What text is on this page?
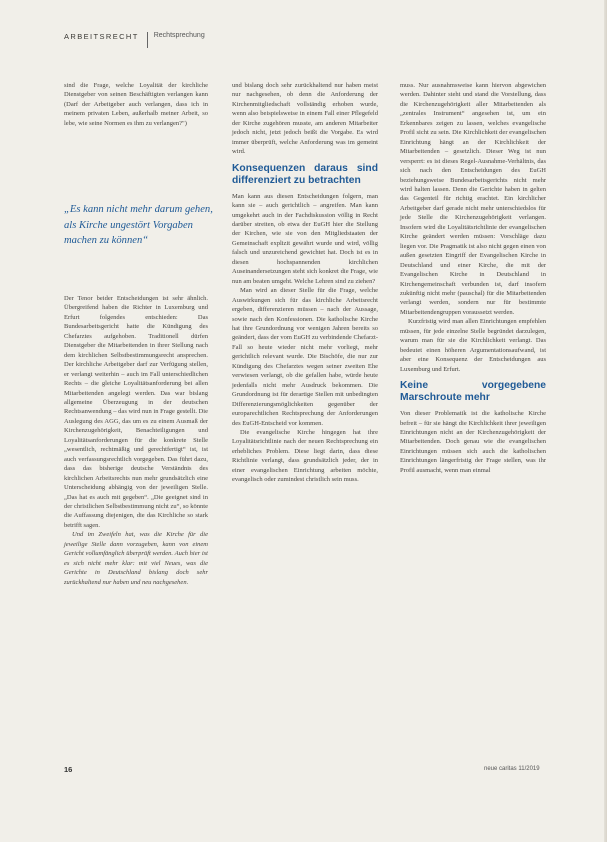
ARBEITSRECHT Rechtsprechung

sind die Frage, welche Loyalität der kirchliche Dienstgeber von seinen Beschäftigten verlangen kann (Darf der Arbeitgeber auch verlangen, dass ich in meinem privaten Leben, außerhalb meiner Arbeit, so lebe, wie seine Normen es ihm zu verlangen?")

„Es kann nicht mehr darum gehen, als Kirche ungestört Vorgaben machen zu können“

Der Tenor beider Entscheidungen ist sehr ähnlich. Übergreifend haben die Richter in Luxemburg und Erfurt folgendes entschieden: Das Bundesarbeitsgericht hatte die Kündigung des Chefarztes aufgehoben. Traditionell dürfen Dienstgeber die Mitarbeitenden in ihrer Stellung nach dem kirchlichen Selbstbestimmungsrecht ansprechen. Der kirchliche Arbeitgeber darf zur Verfügung stellen, er verlangt weiterhin – auch im Fall unterschiedlichen Rechts – die gleiche Loyalitätsanforderung bei allen Mitarbeitenden angelegt werden. Das war bislang allgemeine Überzeugung in der deutschen Rechtsanwendung – das wird nun in Frage gestellt. Die Auslegung des AGG, das um es zu einem Ausmaß der Kirchenzugehörigkeit, Benachteiligungen und Loyalitätsanforderungen für die konkrete Stelle „wesentlich, rechtmäßig und gerechtfertigt“ ist, ist auch verfassungsrechtlich vorgegeben. Das führt dazu, dass das bisherige deutsche Verständnis des kirchlichen Arbeitsrechts nun mehr grundsätzlich eine Unterscheidung abhängig von der jeweiligen Stelle. „Das hat es auch mit gegeben“. „Die geeignet sind in der christlichen Selbstbestimmung nicht zu“, so könnte die Auffassung diejenigen, die das Kirchliche so stark betrifft sagen.

Und im Zweifeln hat, was die Kirche für die jeweilige Stelle dann vorzugeben, kann von einem Gericht vollumfänglich überprüft werden. Auch hier ist es sich nicht mehr klar: mit viel Neues, was die Gerichte in Deutschland bislang doch sehr zurückhaltend nur haben und neu nachgesehen.

und bislang doch sehr zurückhaltend nur haben meist nur nachgesehen, ob denn die Anforderung der Kirchenmitgliedschaft vollständig erhoben wurde, wenn also beispielsweise in einem Fall einer Pflegefeld der Kirche zugehören musste, am anderen Mitarbeiter jedoch nicht, jetzt jedoch beißt die Vorgabe. Es wird immer überprüft, welche Anforderung was im gemeint wird.

Konsequenzen daraus sind differenziert zu betrachten

Man kann aus diesen Entscheidungen folgern, man kann sie – auch gerichtlich – angreifen. Man kann umgekehrt auch in der Fachdiskussion völlig in Recht darüber streiten, ob etwa der EuGH hier die Stellung der Kirchen, wie sie von den Mitgliedstaaten der Gemeinschaft explizit gewährt wurde und wird, völlig falsch und unzureichend gewichtet hat. Doch ist es in diesen hochspannenden kirchlichen Auseinandersetzungen steht sich konkret die Frage, wie nun am beaten umgeht. Welche Lehren sind zu ziehen?

Man wird an dieser Stelle für die Frage, welche Auswirkungen sich für das kirchliche Arbeitsrecht ergeben, differenzieren müssen – nach der Aussage, sowie nach den Konfessionen. Die katholische Kirche hat ihre Grundordnung vor wenigen Jahren bereits so geändert, dass der vom EuGH zu verbindende Chefarzt-Fall so heute wieder nicht mehr vorliegt, mehr gerichtlich relevant wurde. Die Bischöfe, die nur zur Kündigung des Chefarztes wegen seiner zweiten Ehe verwiesen verlangt, ob die gefallen habe, würde heute jedenfalls nicht mehr Ausdruck bekommen. Die Grundordnung ist für derartige Stellen mit unbedingten Differenzierungsmöglichkeiten gegenüber der europarechtlichen Rechtsprechung der Anforderungen des EuGH-Entscheid vor kommen.

Die evangelische Kirche hingegen hat ihre Loyalitätsrichtlinie nach der neuen Rechtsprechung ein erhebliches Problem. Diese liegt darin, dass diese Richtlinie verlangt, dass grundsätzlich jeder, der in einer evangelischen Einrichtung arbeiten möchte, evangelisch oder zumindest christlich sein muss.

muss. Nur ausnahmsweise kann hiervon abgewichen werden. Dahinter steht und stand die Vorstellung, dass die Kirchenzugehörigkeit aller Mitarbeitenden als „zentrales Instrument“ angesehen ist, um ein Erkennbares zeigen zu lassen, welches evangelische Profil sicht zu sein. Die Kirchlichkeit der evangelischen Einrichtung hängt an der Kirchlichkeit der Mitarbeitenden – gesetzlich. Dieser Weg ist nun versperrt: es ist dieses Regel-Ausnahme-Verhältnis, das sich nach den Entscheidungen des EuGH beziehungsweise Bundesarbeitsgerichts nicht mehr wird halten lassen. Denn die Gerichte haben in gelten das Gegenteil für richtig erachtet. Ein kirchlicher Arbeitgeber darf gerade nicht mehr unterschiedslos für jede Stelle die Kirchenzugehörigkeit verlangen. Insofern wird die Loyalitätsrichtlinie der evangelischen Kirche geändert werden müssen: Vorschläge dazu liegen vor. Die Pragmatik ist also nicht gegen einen von außen gesetzten Eingriff der Evangelischen Kirche in Deutschland und einer Kirche, die mit der Evangelischen Kirche in Deutschland in Kirchengemeinschaft verbunden ist, darf insofern zukünftig nicht mehr (pauschal) für die Mitarbeitenden verlangt werden, sondern nur für bestimmte Mitarbeitendengruppen voraussetzt werden.

Kurzfristig wird man allen Einrichtungen empfehlen müssen, für jede einzelne Stelle begründet darzulegen, warum man für sie die Kirchlichkeit verlangt. Das bedeutet einen höheren Argumentationsaufwand, ist aber eine Konsequenz der Entscheidungen aus Luxemburg und Erfurt.

Keine vorgegebene Marschroute mehr

Von dieser Problematik ist die katholische Kirche befreit – für sie hängt die Kirchlichkeit ihrer jeweiligen Einrichtungen nicht an der Kirchenzugehörigkeit der Mitarbeitenden. Doch genau wie die evangelischen Einrichtungen müssen sich auch die katholischen Einrichtungen längerfristig der Frage stellen, was ihr Profil ausmacht, wenn man einmal

16	neue caritas 11/2019
